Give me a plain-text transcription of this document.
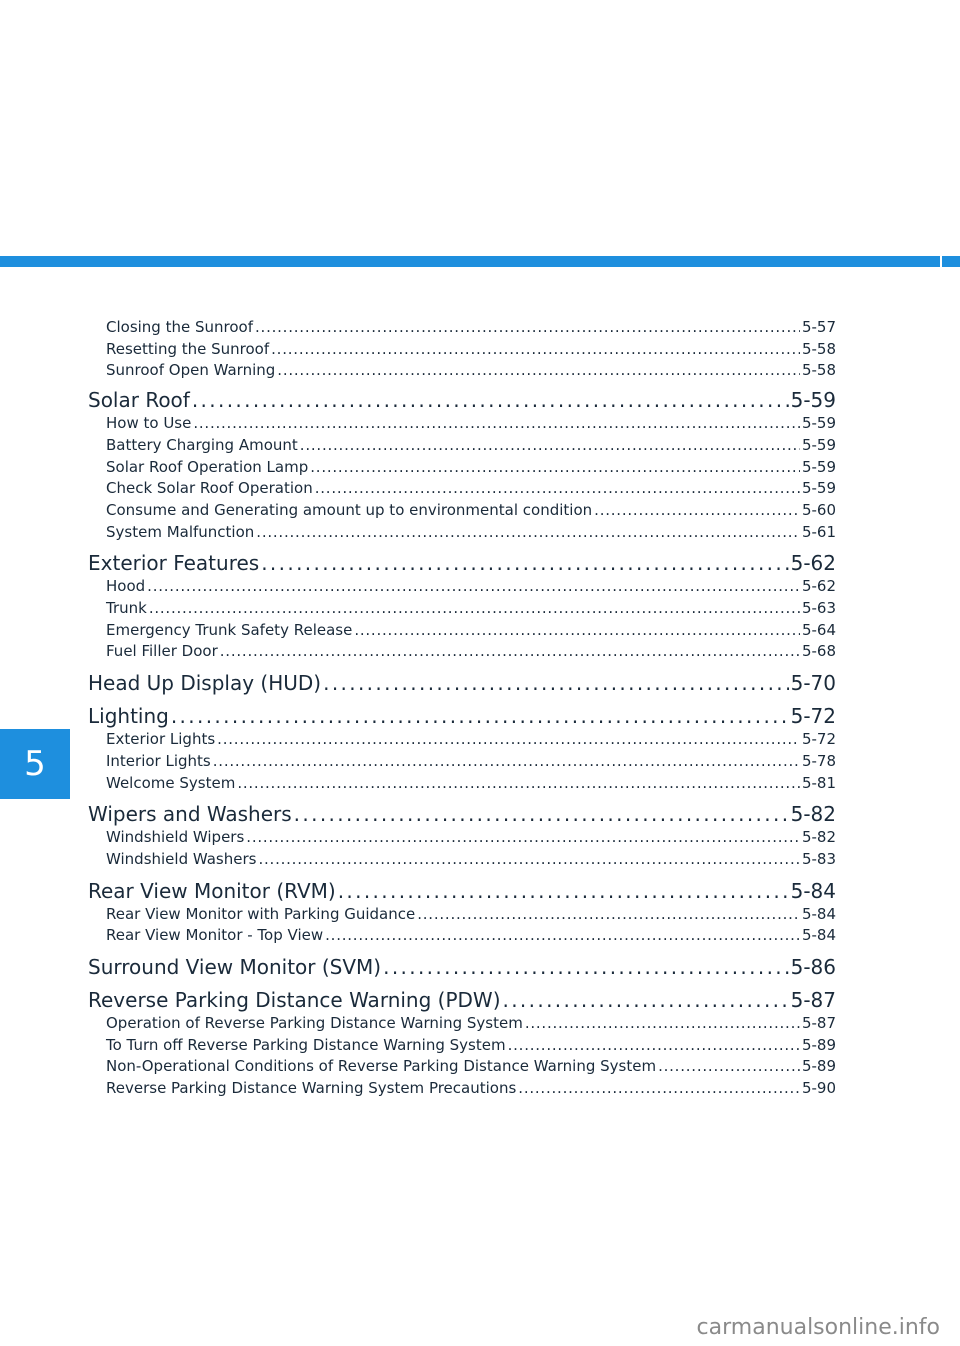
5
Closing the Sunroof . . .	5-57
Resetting the Sunroof . . .	5-58
Sunroof Open Warning . . .	5-58
Solar Roof . . .	5-59
How to Use . . .	5-59
Battery Charging Amount . . .	5-59
Solar Roof Operation Lamp . . .	5-59
Check Solar Roof Operation . . .	5-59
Consume and Generating amount up to environmental condition . . .	5-60
System Malfunction . . .	5-61
Exterior Features . . .	5-62
Hood . . .	5-62
Trunk . . .	5-63
Emergency Trunk Safety Release . . .	5-64
Fuel Filler Door . . .	5-68
Head Up Display (HUD) . . .	5-70
Lighting . . .	5-72
Exterior Lights . . .	5-72
Interior Lights . . .	5-78
Welcome System . . .	5-81
Wipers and Washers . . .	5-82
Windshield Wipers . . .	5-82
Windshield Washers . . .	5-83
Rear View Monitor (RVM) . . .	5-84
Rear View Monitor with Parking Guidance . . .	5-84
Rear View Monitor - Top View . . .	5-84
Surround View Monitor (SVM) . . .	5-86
Reverse Parking Distance Warning (PDW) . . .	5-87
Operation of Reverse Parking Distance Warning System . . .	5-87
To Turn off Reverse Parking Distance Warning System . . .	5-89
Non-Operational Conditions of Reverse Parking Distance Warning System . . .	5-89
Reverse Parking Distance Warning System Precautions . . .	5-90
carmanualsonline.info
